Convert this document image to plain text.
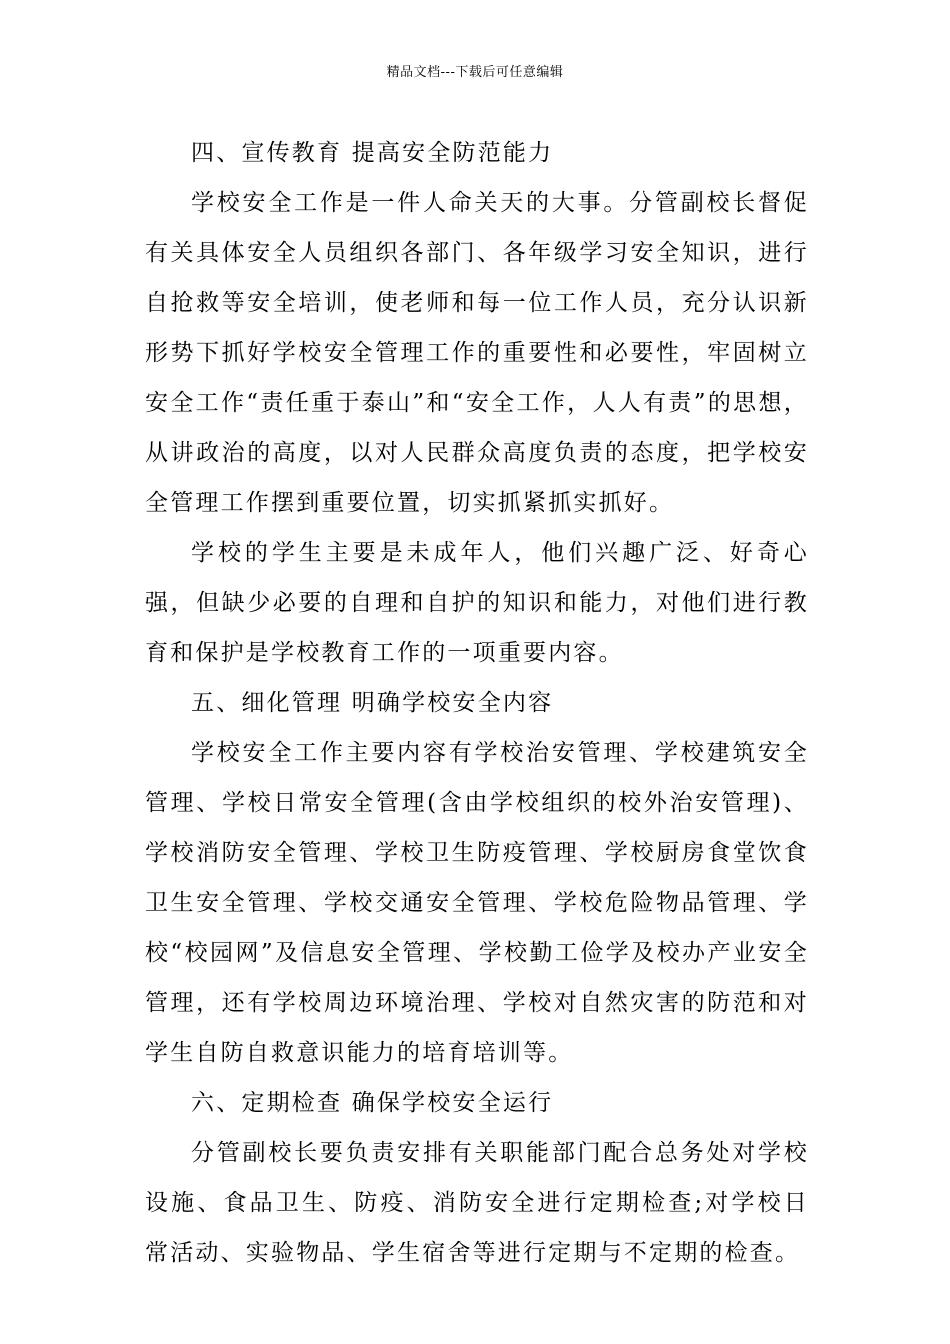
精品文档---下载后可任意编辑

四、宣传教育 提高安全防范能力

学校安全工作是一件人命关天的大事。分管副校长督促有关具体安全人员组织各部门、各年级学习安全知识，进行自抢救等安全培训，使老师和每一位工作人员，充分认识新形势下抓好学校安全管理工作的重要性和必要性，牢固树立安全工作“责任重于泰山”和“安全工作，人人有责”的思想，从讲政治的高度，以对人民群众高度负责的态度，把学校安全管理工作摆到重要位置，切实抓紧抓实抓好。

学校的学生主要是未成年人，他们兴趣广泛、好奇心强，但缺少必要的自理和自护的知识和能力，对他们进行教育和保护是学校教育工作的一项重要内容。

五、细化管理 明确学校安全内容

学校安全工作主要内容有学校治安管理、学校建筑安全管理、学校日常安全管理(含由学校组织的校外治安管理)、学校消防安全管理、学校卫生防疫管理、学校厨房食堂饮食卫生安全管理、学校交通安全管理、学校危险物品管理、学校“校园网”及信息安全管理、学校勤工俭学及校办产业安全管理，还有学校周边环境治理、学校对自然灾害的防范和对学生自防自救意识能力的培育培训等。

六、定期检查 确保学校安全运行

分管副校长要负责安排有关职能部门配合总务处对学校设施、食品卫生、防疫、消防安全进行定期检查;对学校日常活动、实验物品、学生宿舍等进行定期与不定期的检查。
